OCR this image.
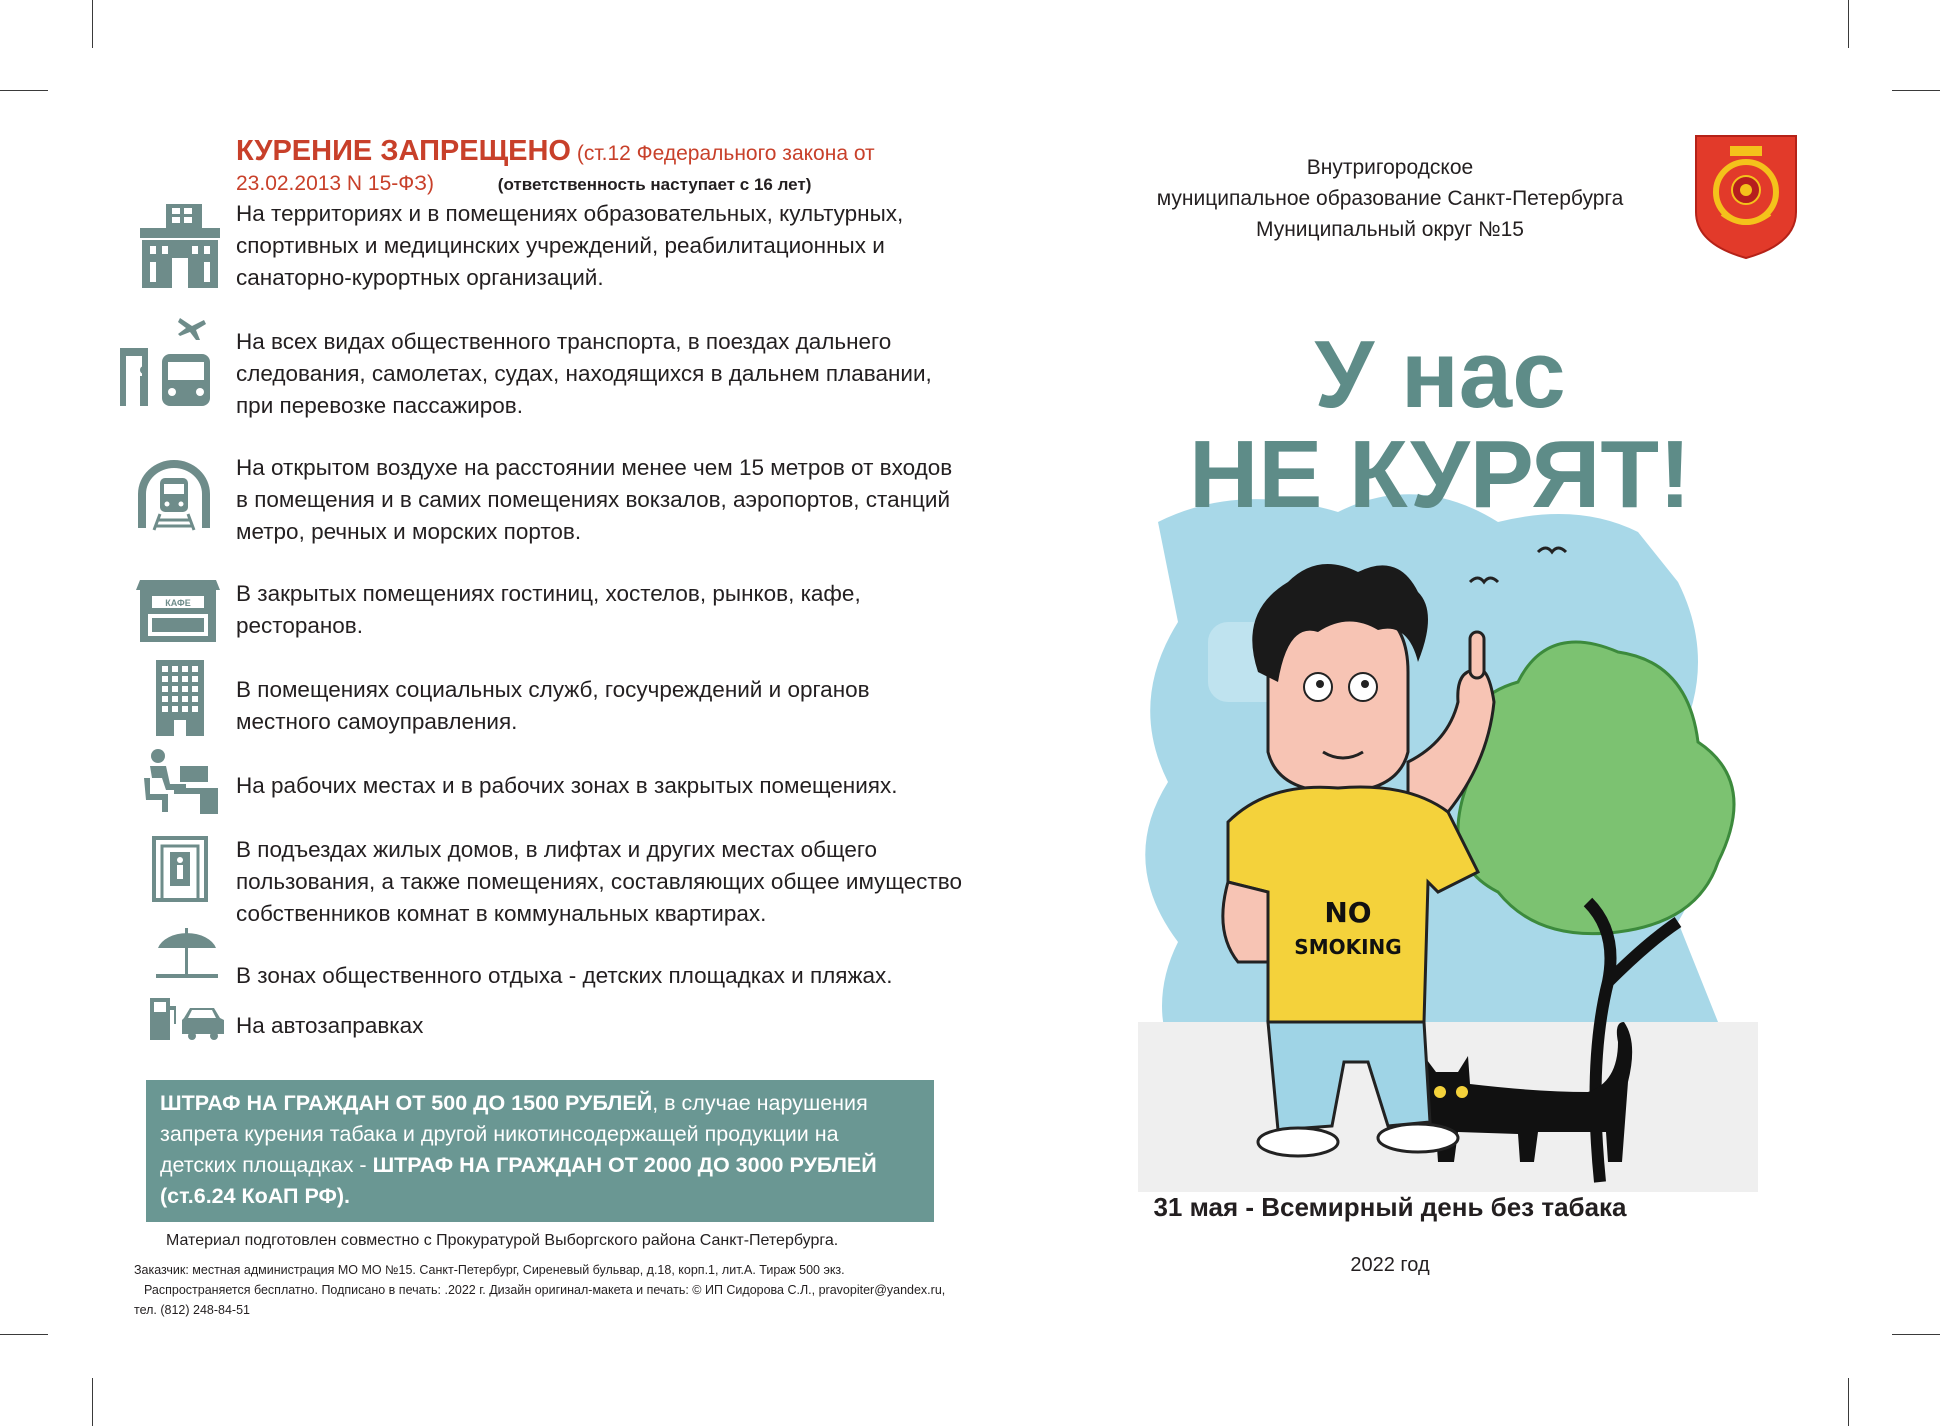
КУРЕНИЕ ЗАПРЕЩЕНО (ст.12 Федерального закона от 23.02.2013 N 15-ФЗ)	(ответственность наступает с 16 лет)
На территориях и в помещениях образовательных, культурных, спортивных и медицинских учреждений, реабилитационных и санаторно-курортных организаций.
На всех видах общественного транспорта, в поездах дальнего следования, самолетах, судах, находящихся в дальнем плавании, при перевозке пассажиров.
На открытом воздухе на расстоянии менее чем 15 метров от входов в помещения и в самих помещениях вокзалов, аэропортов, станций метро, речных и морских портов.
КАФЕ В закрытых помещениях гостиниц, хостелов, рынков, кафе, ресторанов.
В помещениях социальных служб, госучреждений и органов местного самоуправления.
На рабочих местах и в рабочих зонах в закрытых помещениях.
В подъездах жилых домов, в лифтах и других местах общего пользования, а также помещениях, составляющих общее имущество собственников комнат в коммунальных квартирах.
В зонах общественного отдыха - детских площадках и пляжах.
На автозаправках
ШТРАФ НА ГРАЖДАН ОТ 500 ДО 1500 РУБЛЕЙ, в случае нарушения запрета курения табака и другой никотинсодержащей продукции на детских площадках - ШТРАФ НА ГРАЖДАН ОТ 2000 ДО 3000 РУБЛЕЙ (ст.6.24 КоАП РФ).
Материал подготовлен совместно с Прокуратурой Выборгского района Санкт-Петербурга.
Заказчик: местная администрация МО МО №15. Санкт-Петербург, Сиреневый бульвар, д.18, корп.1, лит.А. Тираж 500 экз.
Распространяется бесплатно. Подписано в печать: .2022 г. Дизайн оригинал-макета и печать: © ИП Сидорова С.Л., pravopiter@yandex.ru,
тел. (812) 248-84-51
Внутригородское
муниципальное образование Санкт-Петербурга
Муниципальный округ №15
У нас
NO
SMOKING
НЕ КУРЯТ!
31 мая - Всемирный день без табака
2022 год
